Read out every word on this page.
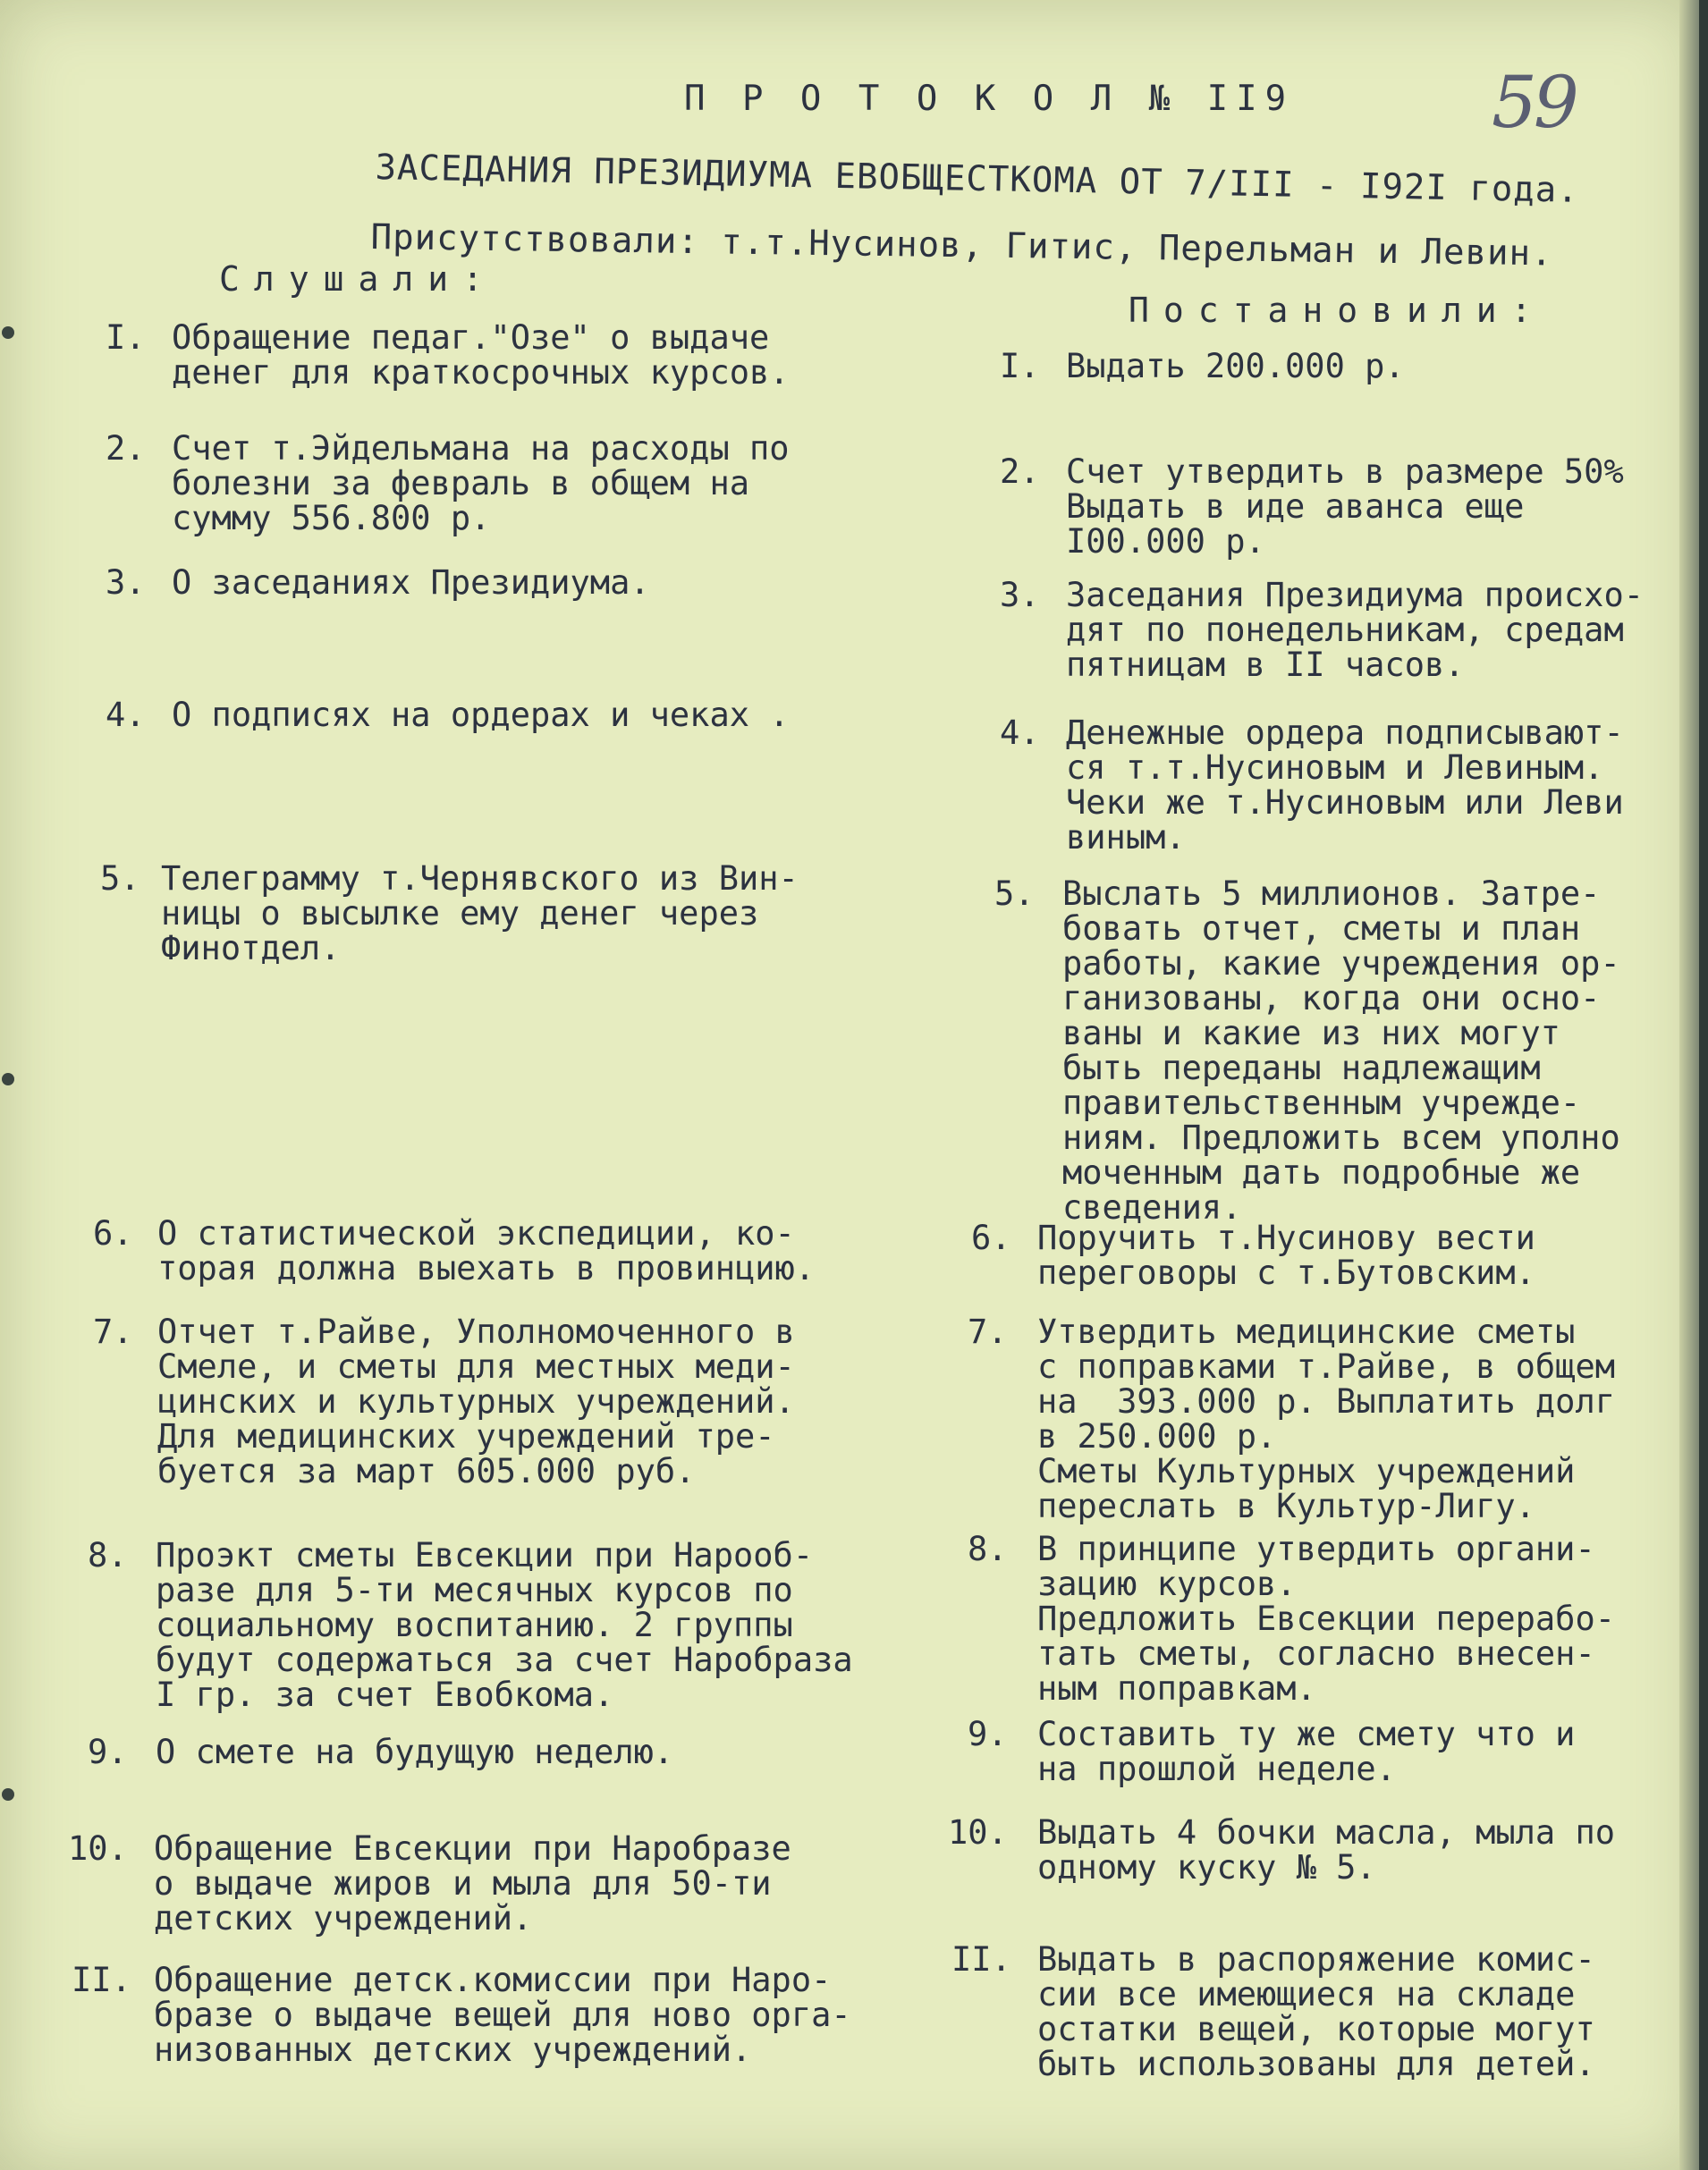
59
П Р О Т О К О Л № II9
ЗАСЕДАНИЯ ПРЕЗИДИУМА ЕВОБЩЕСТКОМА ОТ 7/III - I92I года.
Присутствовали: т.т.Нусинов, Гитис, Перельман и Левин.
Слушали:
Постановили:
I. Обращение педаг."Озе" о выдаче
денег для краткосрочных курсов.
2. Счет т.Эйдельмана на расходы по
болезни за февраль в общем на
сумму 556.800 р.
3. О заседаниях Президиума.
4. О подписях на ордерах и чеках .
5. Телеграмму т.Чернявского из Вин-
ницы о высылке ему денег через
Финотдел.
6. О статистической экспедиции, ко-
торая должна выехать в провинцию.
7. Отчет т.Райве, Уполномоченного в
Смеле, и сметы для местных меди-
цинских и культурных учреждений.
Для медицинских учреждений тре-
буется за март 605.000 руб.
8. Проэкт сметы Евсекции при Нарооб-
разе для 5-ти месячных курсов по
социальному воспитанию. 2 группы
будут содержаться за счет Наробраза
I гр. за счет Евобкома.
9. О смете на будущую неделю.
10. Обращение Евсекции при Наробразе
о выдаче жиров и мыла для 50-ти
детских учреждений.
II. Обращение детск.комиссии при Наро-
бразе о выдаче вещей для ново орга-
низованных детских учреждений.
I. Выдать 200.000 р.
2. Счет утвердить в размере 50%
Выдать в иде аванса еще
I00.000 р.
3. Заседания Президиума происхо-
дят по понедельникам, средам
пятницам в II часов.
4. Денежные ордера подписывают-
ся т.т.Нусиновым и Левиным.
Чеки же т.Нусиновым или Леви
виным.
5. Выслать 5 миллионов. Затре-
бовать отчет, сметы и план
работы, какие учреждения ор-
ганизованы, когда они осно-
ваны и какие из них могут
быть переданы надлежащим
правительственным учрежде-
ниям. Предложить всем уполно
моченным дать подробные же
сведения.
6. Поручить т.Нусинову вести
переговоры с т.Бутовским.
7. Утвердить медицинские сметы
с поправками т.Райве, в общем
на  393.000 р. Выплатить долг
в 250.000 р.
Сметы Культурных учреждений
переслать в Культур-Лигу.
8. В принципе утвердить органи-
зацию курсов.
Предложить Евсекции перерабо-
тать сметы, согласно внесен-
ным поправкам.
9. Составить ту же смету что и
на прошлой неделе.
10. Выдать 4 бочки масла, мыла по
одному куску № 5.
II. Выдать в распоряжение комис-
сии все имеющиеся на складе
остатки вещей, которые могут
быть использованы для детей.
